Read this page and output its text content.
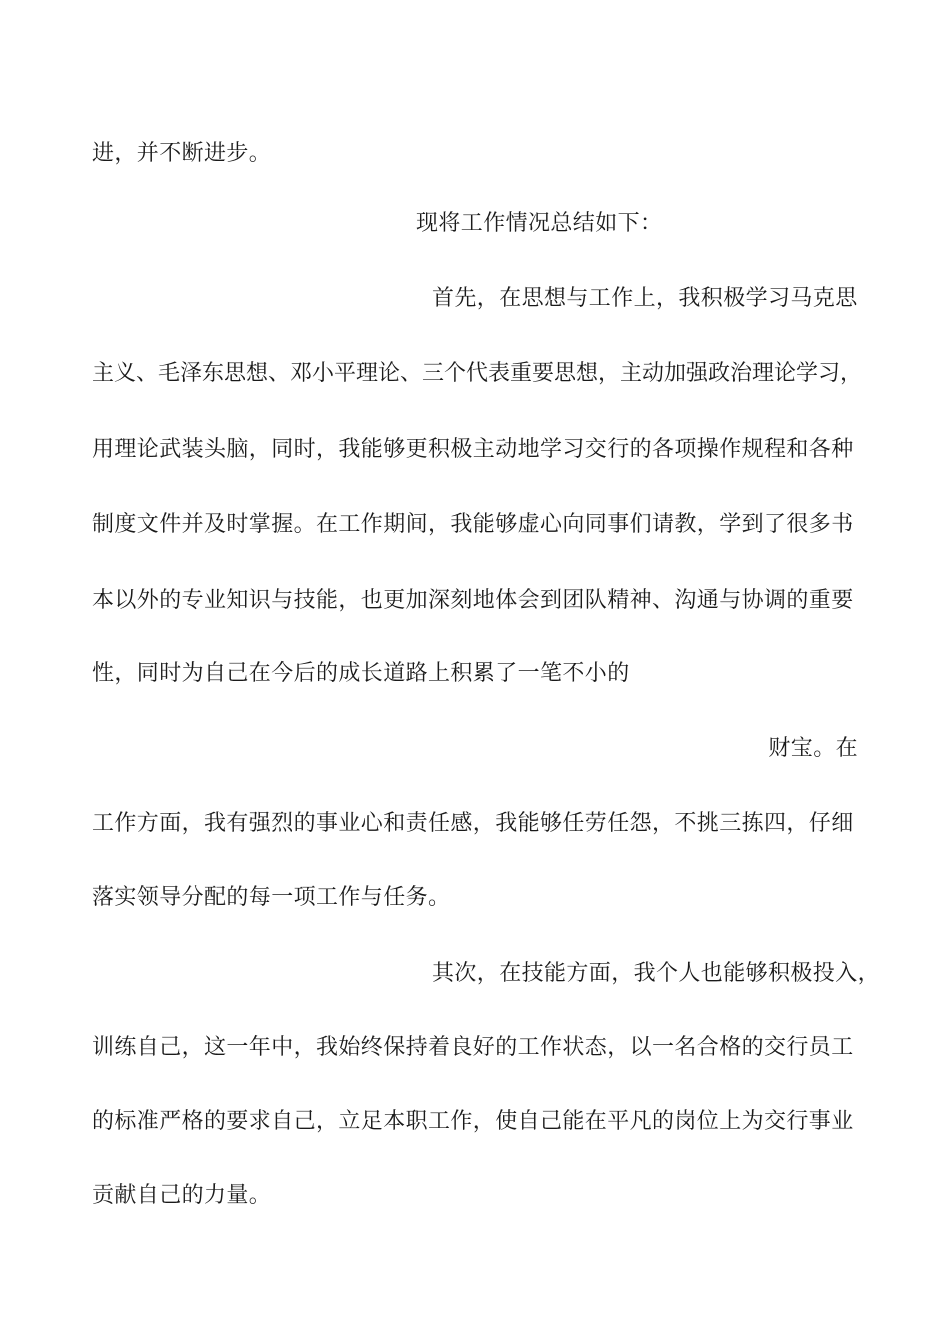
进，并不断进步。
现将工作情况总结如下：
首先，在思想与工作上，我积极学习马克思
主义、毛泽东思想、邓小平理论、三个代表重要思想，主动加强政治理论学习，
用理论武装头脑，同时，我能够更积极主动地学习交行的各项操作规程和各种
制度文件并及时掌握。在工作期间，我能够虚心向同事们请教，学到了很多书
本以外的专业知识与技能，也更加深刻地体会到团队精神、沟通与协调的重要
性，同时为自己在今后的成长道路上积累了一笔不小的
财宝。在
工作方面，我有强烈的事业心和责任感，我能够任劳任怨，不挑三拣四，仔细
落实领导分配的每一项工作与任务。
其次，在技能方面，我个人也能够积极投入，
训练自己，这一年中，我始终保持着良好的工作状态，以一名合格的交行员工
的标准严格的要求自己，立足本职工作，使自己能在平凡的岗位上为交行事业
贡献自己的力量。
